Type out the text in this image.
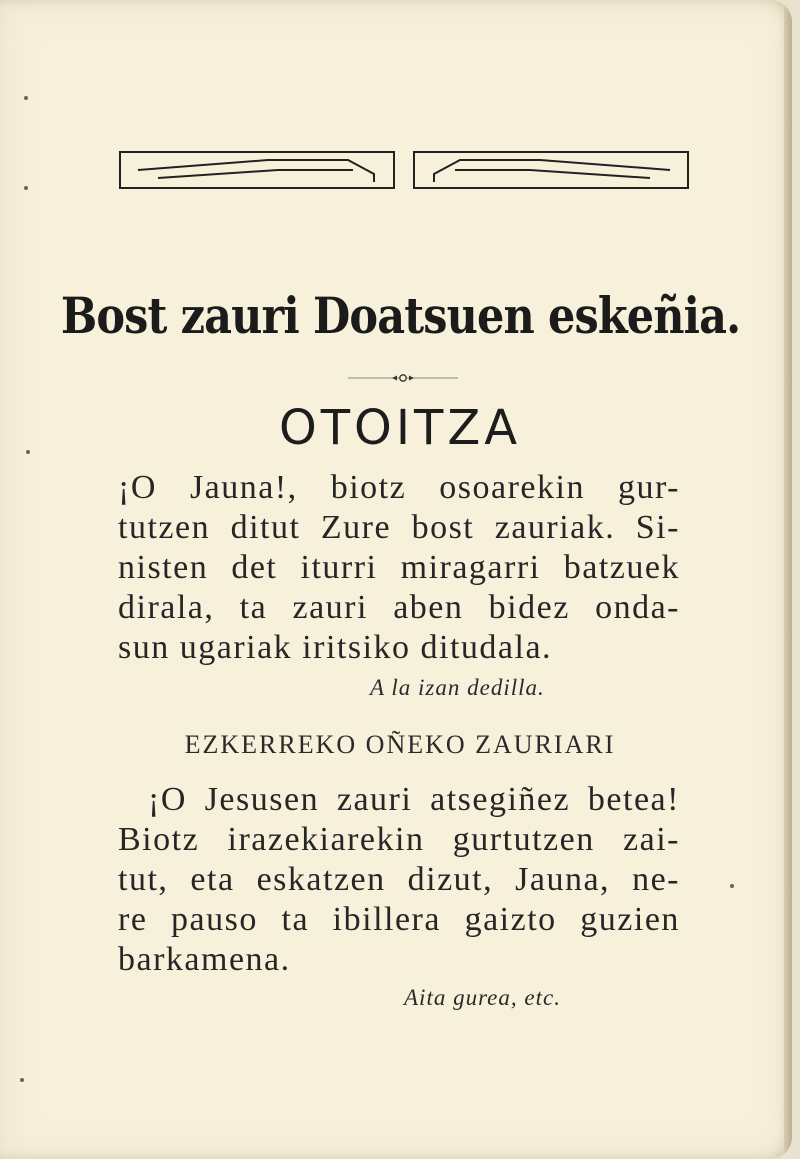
Bost zauri Doatsuen eskeñia.
OTOITZA
¡O Jauna!, biotz osoarekin gur-
tutzen ditut Zure bost zauriak. Si-
nisten det iturri miragarri batzuek
dirala, ta zauri aben bidez onda-
sun ugariak iritsiko ditudala.
A la izan dedilla.
EZKERREKO OÑEKO ZAURIARI
¡O Jesusen zauri atsegiñez betea!
Biotz irazekiarekin gurtutzen zai-
tut, eta eskatzen dizut, Jauna, ne-
re pauso ta ibillera gaizto guzien
barkamena.
Aita gurea, etc.
